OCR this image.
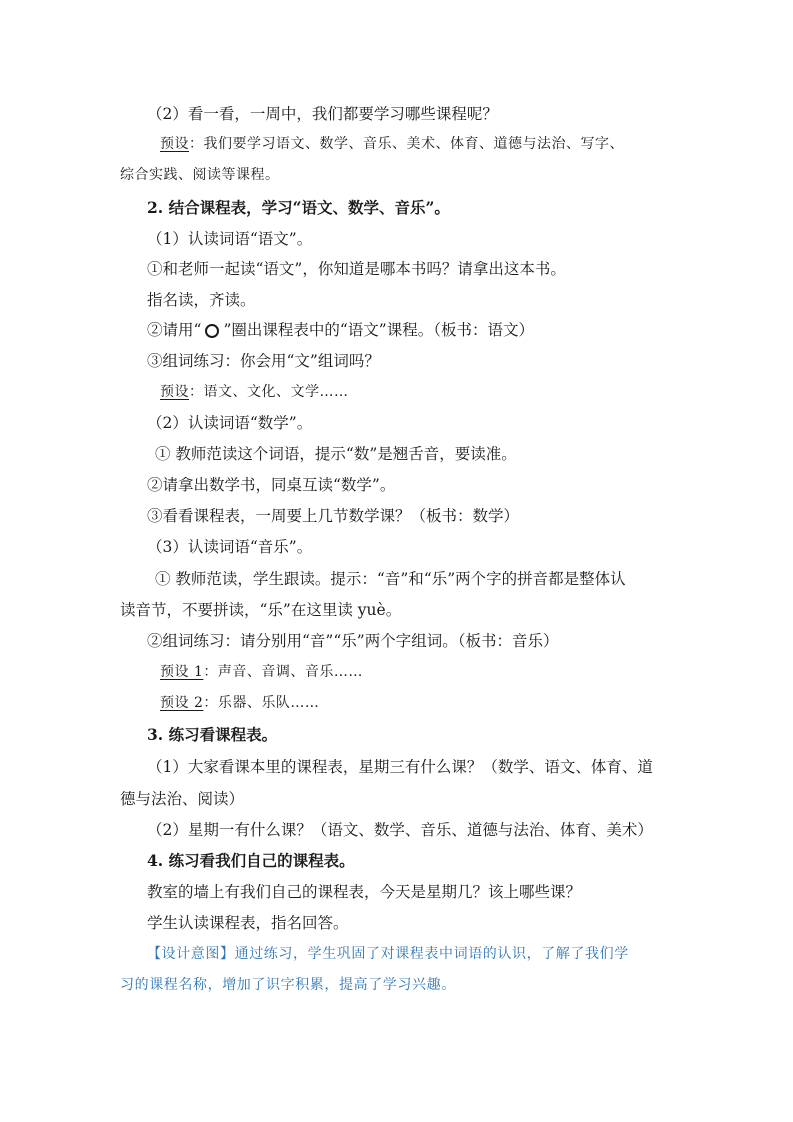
（2）看一看，一周中，我们都要学习哪些课程呢？
预设：我们要学习语文、数学、音乐、美术、体育、道德与法治、写字、
综合实践、阅读等课程。
2. 结合课程表，学习“语文、数学、音乐”。
（1）认读词语“语文”。
①和老师一起读“语文”，你知道是哪本书吗？请拿出这本书。
指名读，齐读。
②请用“ ”圈出课程表中的“语文”课程。（板书：语文）
③组词练习：你会用“文”组词吗？
预设：语文、文化、文学……
（2）认读词语“数学”。
① 教师范读这个词语，提示“数”是翘舌音，要读准。
②请拿出数学书，同桌互读“数学”。
③看看课程表，一周要上几节数学课？（板书：数学）
（3）认读词语“音乐”。
① 教师范读，学生跟读。提示：“音”和“乐”两个字的拼音都是整体认
读音节，不要拼读，“乐”在这里读 yuè。
②组词练习：请分别用“音”“乐”两个字组词。（板书：音乐）
预设 1：声音、音调、音乐……
预设 2：乐器、乐队……
3. 练习看课程表。
（1）大家看课本里的课程表，星期三有什么课？（数学、语文、体育、道
德与法治、阅读）
（2）星期一有什么课？（语文、数学、音乐、道德与法治、体育、美术）
4. 练习看我们自己的课程表。
教室的墙上有我们自己的课程表，今天是星期几？该上哪些课？
学生认读课程表，指名回答。
【设计意图】通过练习，学生巩固了对课程表中词语的认识，了解了我们学
习的课程名称，增加了识字积累，提高了学习兴趣。
